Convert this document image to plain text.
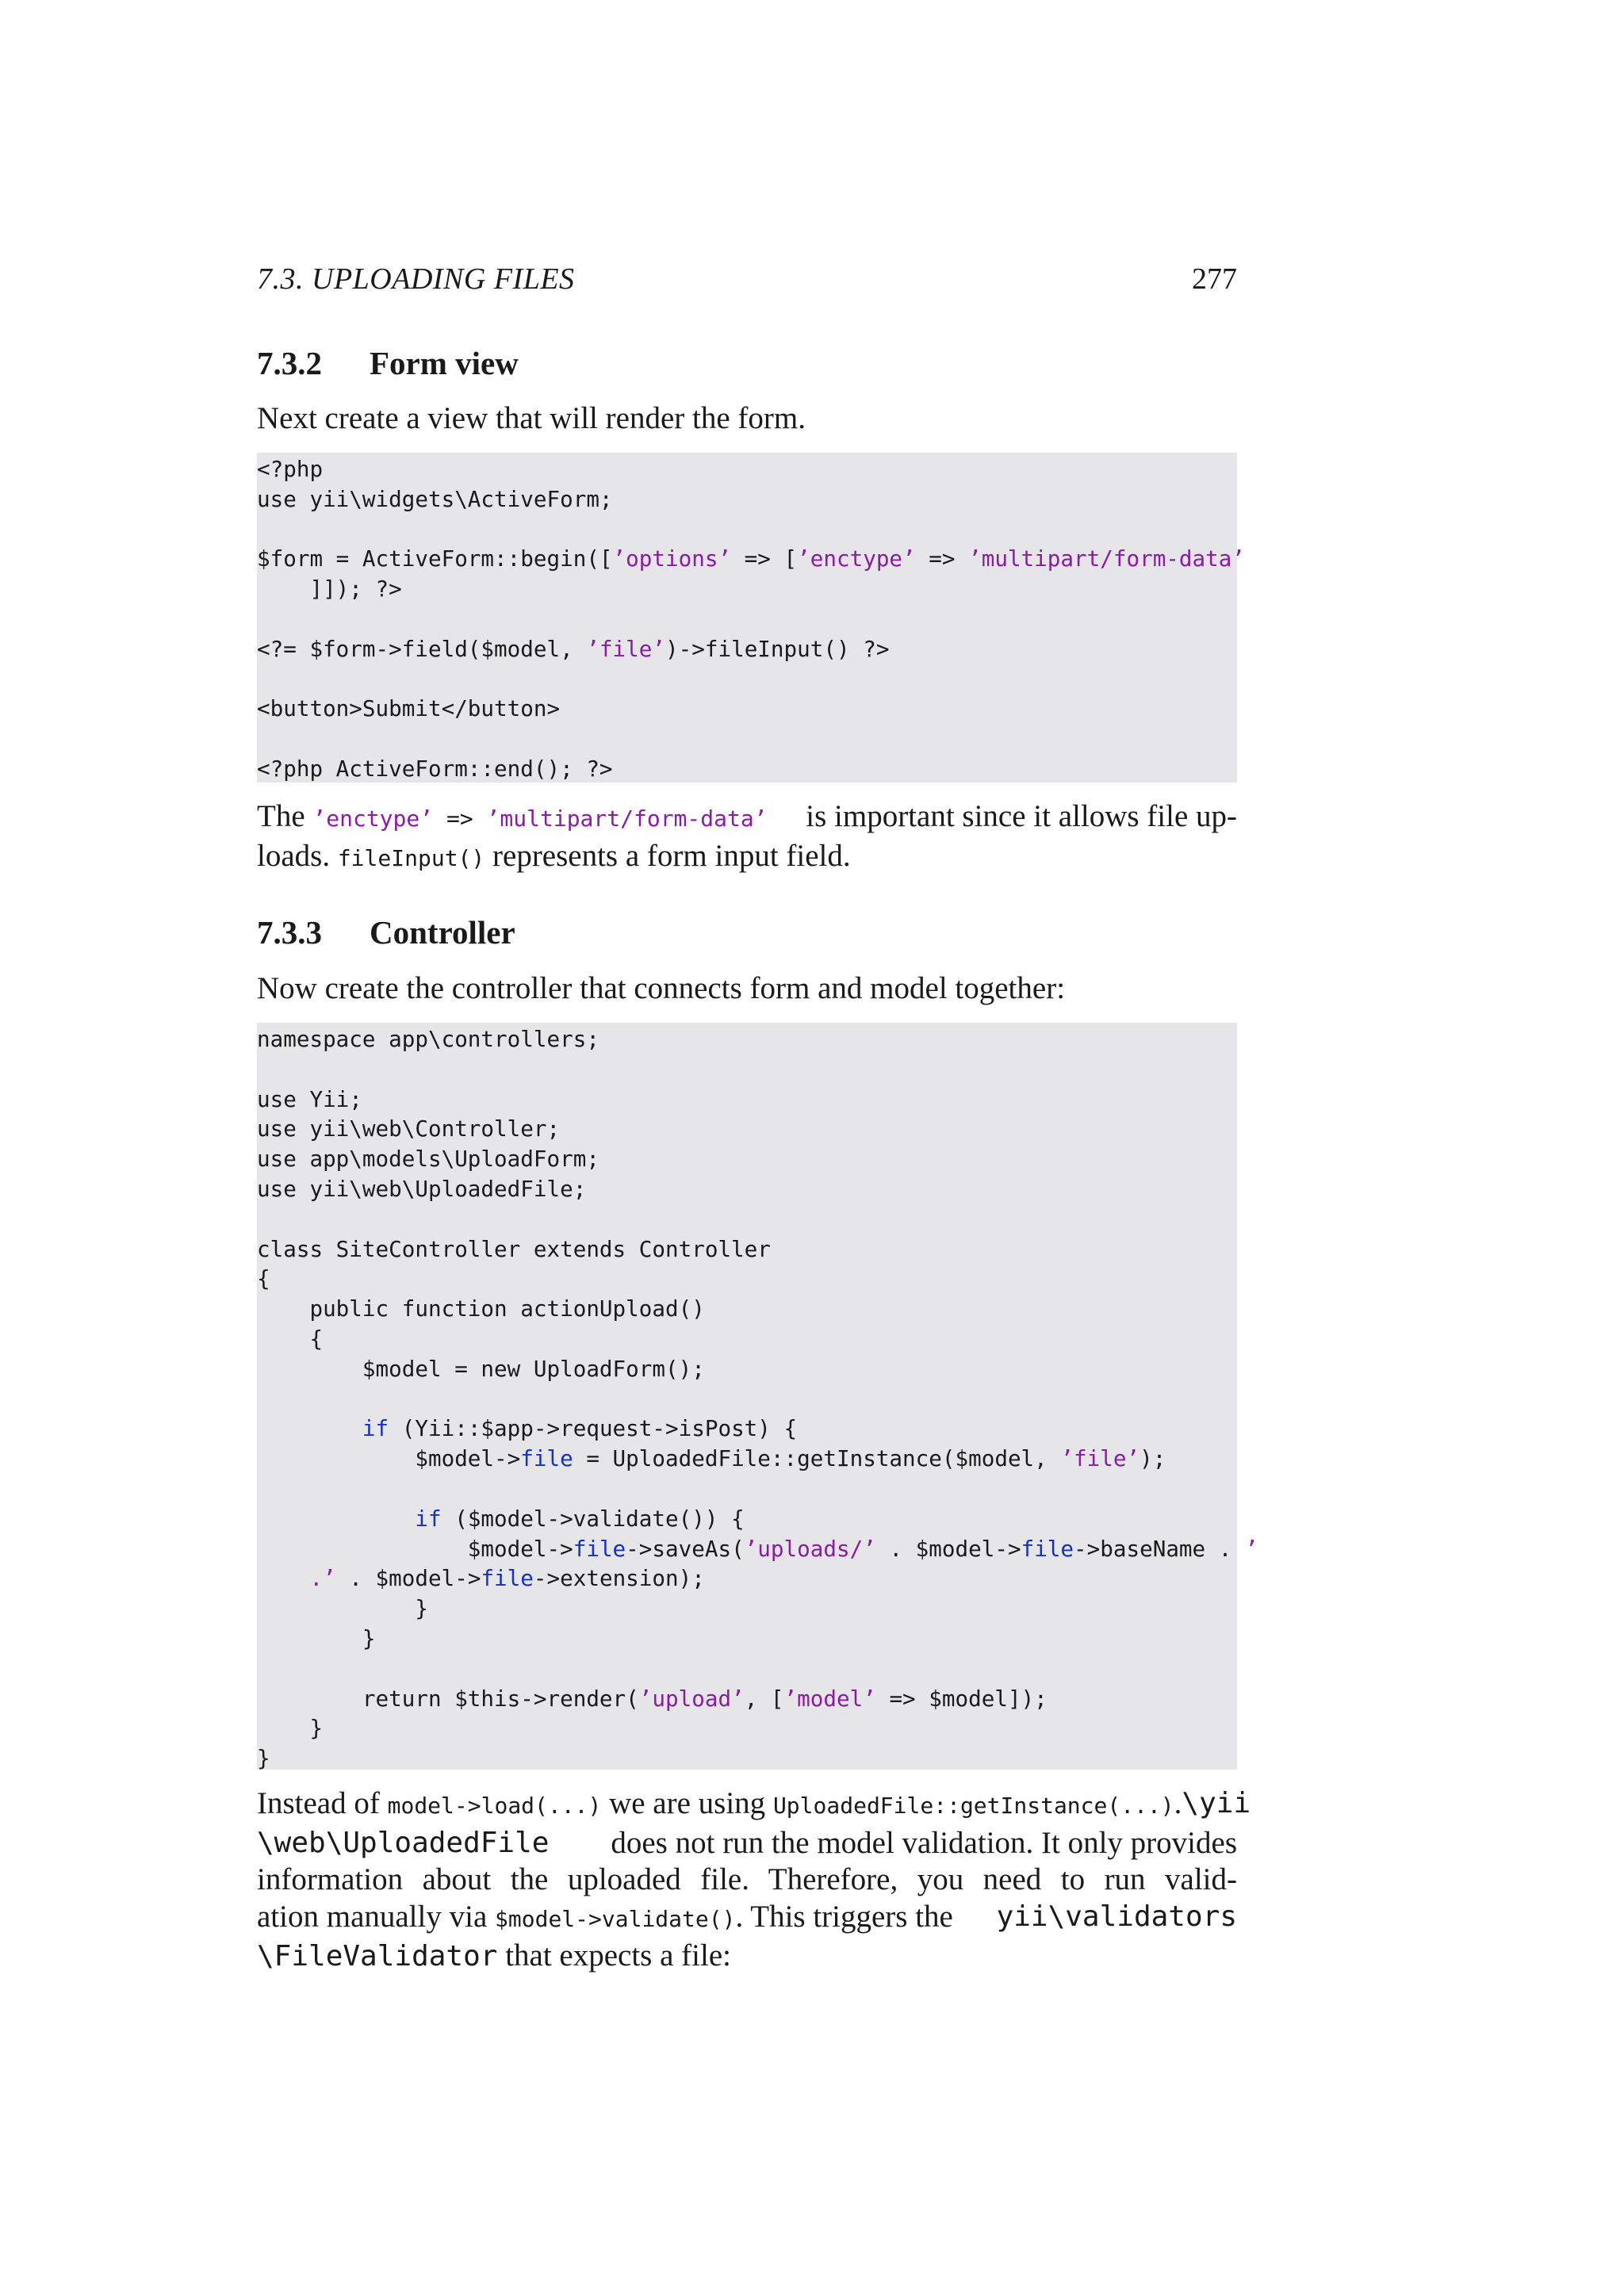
7.3. UPLOADING FILES	277
7.3.2 Form view
Next create a view that will render the form.
<?php
use yii\widgets\ActiveForm;

$form = ActiveForm::begin([’options’ => [’enctype’ => ’multipart/form-data’
]]); ?>

<?= $form->field($model, ’file’)->fileInput() ?>

<button>Submit</button>

<?php ActiveForm::end(); ?>
The ’enctype’ => ’multipart/form-data’ is important since it allows file up-
loads. fileInput() represents a form input field.
7.3.3 Controller
Now create the controller that connects form and model together:
namespace app\controllers;

use Yii;
use yii\web\Controller;
use app\models\UploadForm;
use yii\web\UploadedFile;

class SiteController extends Controller
{
public function actionUpload()
{
$model = new UploadForm();

if (Yii::$app->request->isPost) {
$model->file = UploadedFile::getInstance($model, ’file’);

if ($model->validate()) {
$model->file->saveAs(’uploads/’ . $model->file->baseName . ’
.’ . $model->file->extension);
}
}

return $this->render(’upload’, [’model’ => $model]);
}
}
Instead of model->load(...) we are using UploadedFile::getInstance(...). \yii
\web\UploadedFile does not run the model validation. It only provides
information about the uploaded file. Therefore, you need to run valid-
ation manually via $model->validate(). This triggers the yii\validators
\FileValidator that expects a file:
